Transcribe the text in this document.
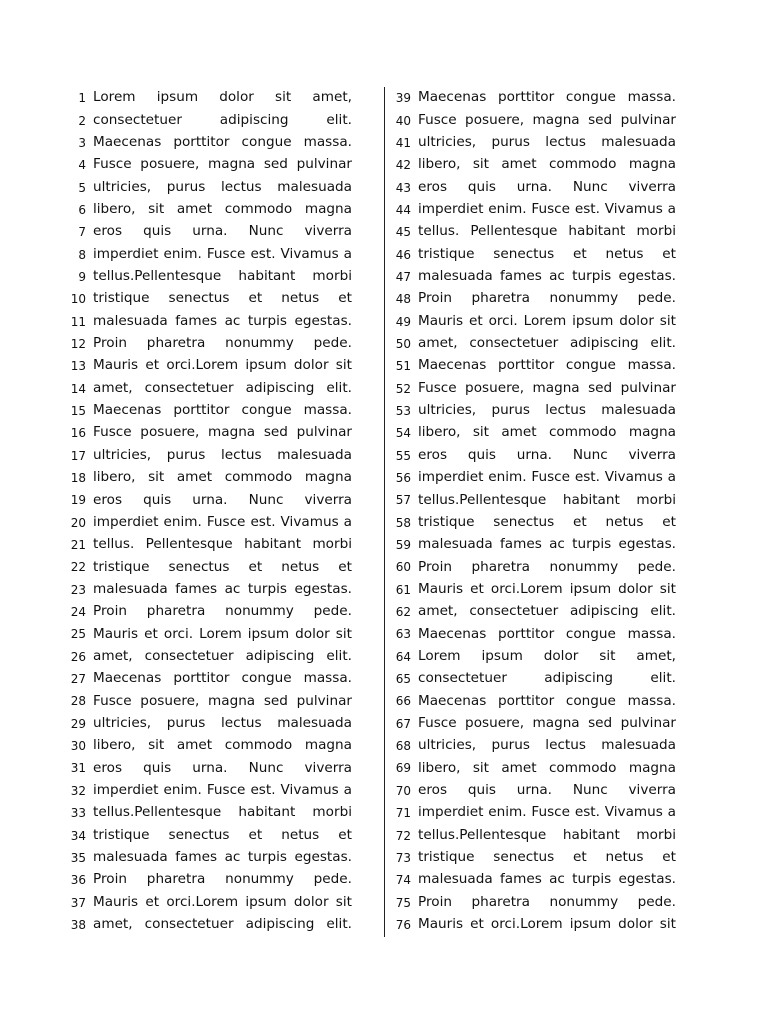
1 Lorem ipsum dolor sit amet,
2 consectetuer adipiscing elit.
3 Maecenas porttitor congue massa.
4 Fusce posuere, magna sed pulvinar
5 ultricies, purus lectus malesuada
6 libero, sit amet commodo magna
7 eros quis urna. Nunc viverra
8 imperdiet enim. Fusce est. Vivamus a
9 tellus.Pellentesque habitant morbi
10 tristique senectus et netus et
11 malesuada fames ac turpis egestas.
12 Proin pharetra nonummy pede.
13 Mauris et orci.Lorem ipsum dolor sit
14 amet, consectetuer adipiscing elit.
15 Maecenas porttitor congue massa.
16 Fusce posuere, magna sed pulvinar
17 ultricies, purus lectus malesuada
18 libero, sit amet commodo magna
19 eros quis urna. Nunc viverra
20 imperdiet enim. Fusce est. Vivamus a
21 tellus. Pellentesque habitant morbi
22 tristique senectus et netus et
23 malesuada fames ac turpis egestas.
24 Proin pharetra nonummy pede.
25 Mauris et orci. Lorem ipsum dolor sit
26 amet, consectetuer adipiscing elit.
27 Maecenas porttitor congue massa.
28 Fusce posuere, magna sed pulvinar
29 ultricies, purus lectus malesuada
30 libero, sit amet commodo magna
31 eros quis urna. Nunc viverra
32 imperdiet enim. Fusce est. Vivamus a
33 tellus.Pellentesque habitant morbi
34 tristique senectus et netus et
35 malesuada fames ac turpis egestas.
36 Proin pharetra nonummy pede.
37 Mauris et orci.Lorem ipsum dolor sit
38 amet, consectetuer adipiscing elit.
39 Maecenas porttitor congue massa.
40 Fusce posuere, magna sed pulvinar
41 ultricies, purus lectus malesuada
42 libero, sit amet commodo magna
43 eros quis urna. Nunc viverra
44 imperdiet enim. Fusce est. Vivamus a
45 tellus. Pellentesque habitant morbi
46 tristique senectus et netus et
47 malesuada fames ac turpis egestas.
48 Proin pharetra nonummy pede.
49 Mauris et orci. Lorem ipsum dolor sit
50 amet, consectetuer adipiscing elit.
51 Maecenas porttitor congue massa.
52 Fusce posuere, magna sed pulvinar
53 ultricies, purus lectus malesuada
54 libero, sit amet commodo magna
55 eros quis urna. Nunc viverra
56 imperdiet enim. Fusce est. Vivamus a
57 tellus.Pellentesque habitant morbi
58 tristique senectus et netus et
59 malesuada fames ac turpis egestas.
60 Proin pharetra nonummy pede.
61 Mauris et orci.Lorem ipsum dolor sit
62 amet, consectetuer adipiscing elit.
63 Maecenas porttitor congue massa.
64 Lorem ipsum dolor sit amet,
65 consectetuer adipiscing elit.
66 Maecenas porttitor congue massa.
67 Fusce posuere, magna sed pulvinar
68 ultricies, purus lectus malesuada
69 libero, sit amet commodo magna
70 eros quis urna. Nunc viverra
71 imperdiet enim. Fusce est. Vivamus a
72 tellus.Pellentesque habitant morbi
73 tristique senectus et netus et
74 malesuada fames ac turpis egestas.
75 Proin pharetra nonummy pede.
76 Mauris et orci.Lorem ipsum dolor sit
